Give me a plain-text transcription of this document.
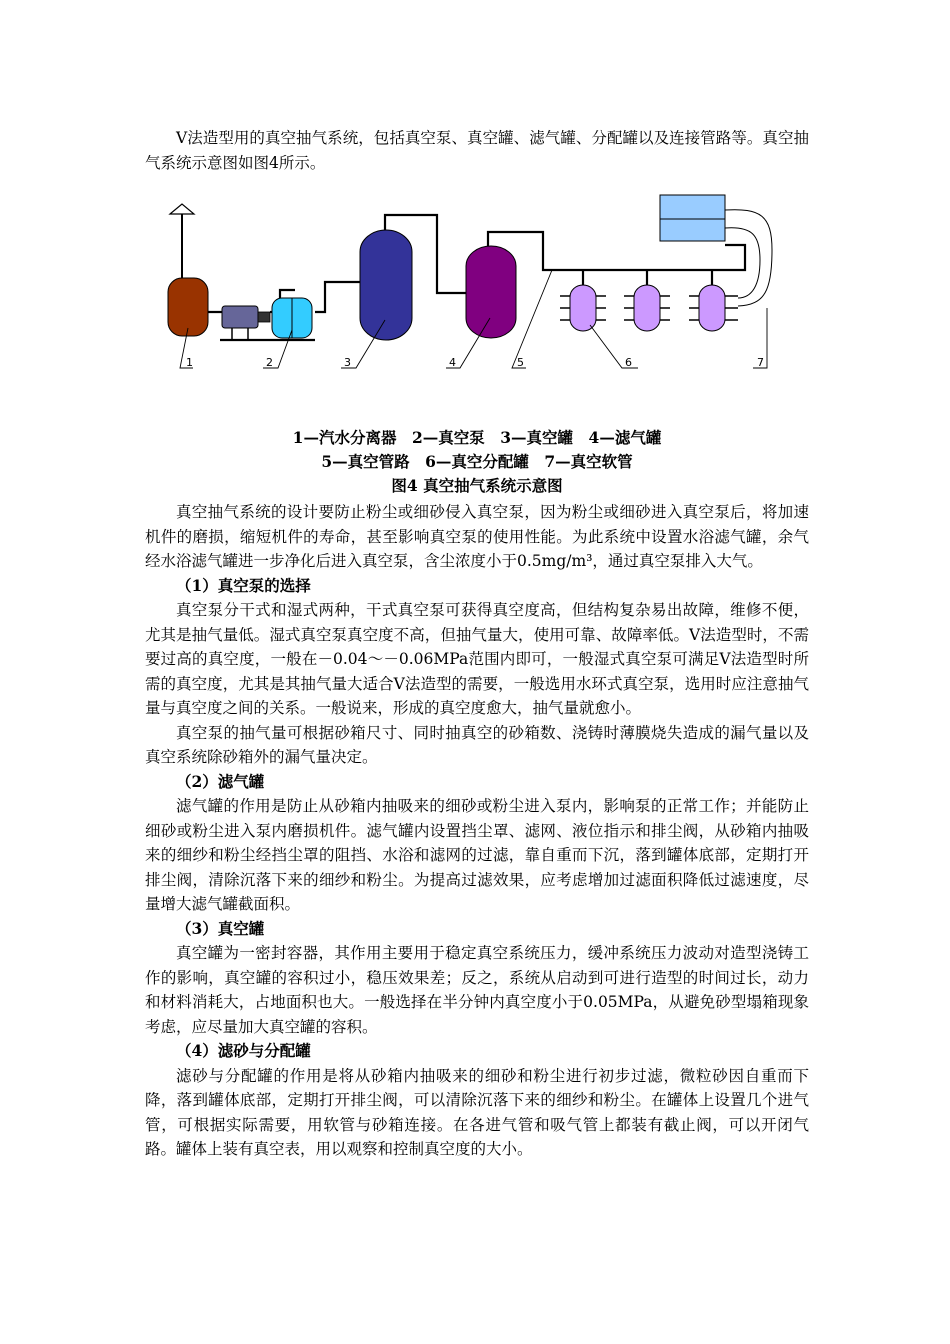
V法造型用的真空抽气系统，包括真空泵、真空罐、滤气罐、分配罐以及连接管路等。真空抽气系统示意图如图4所示。

1	2	3	4	5	6	7
1—汽水分离器　2—真空泵　3—真空罐　4—滤气罐
5—真空管路　6—真空分配罐　7—真空软管
图4 真空抽气系统示意图

真空抽气系统的设计要防止粉尘或细砂侵入真空泵，因为粉尘或细砂进入真空泵后，将加速机件的磨损，缩短机件的寿命，甚至影响真空泵的使用性能。为此系统中设置水浴滤气罐，余气经水浴滤气罐进一步净化后进入真空泵，含尘浓度小于0.5mg/m³，通过真空泵排入大气。

（1）真空泵的选择

真空泵分干式和湿式两种，干式真空泵可获得真空度高，但结构复杂易出故障，维修不便，尤其是抽气量低。湿式真空泵真空度不高，但抽气量大，使用可靠、故障率低。V法造型时，不需要过高的真空度，一般在－0.04～－0.06MPa范围内即可，一般湿式真空泵可满足V法造型时所需的真空度，尤其是其抽气量大适合V法造型的需要，一般选用水环式真空泵，选用时应注意抽气量与真空度之间的关系。一般说来，形成的真空度愈大，抽气量就愈小。

真空泵的抽气量可根据砂箱尺寸、同时抽真空的砂箱数、浇铸时薄膜烧失造成的漏气量以及真空系统除砂箱外的漏气量决定。

（2）滤气罐

滤气罐的作用是防止从砂箱内抽吸来的细砂或粉尘进入泵内，影响泵的正常工作；并能防止细砂或粉尘进入泵内磨损机件。滤气罐内设置挡尘罩、滤网、液位指示和排尘阀，从砂箱内抽吸来的细纱和粉尘经挡尘罩的阻挡、水浴和滤网的过滤，靠自重而下沉，落到罐体底部，定期打开排尘阀，清除沉落下来的细纱和粉尘。为提高过滤效果，应考虑增加过滤面积降低过滤速度，尽量增大滤气罐截面积。

（3）真空罐

真空罐为一密封容器，其作用主要用于稳定真空系统压力，缓冲系统压力波动对造型浇铸工作的影响，真空罐的容积过小，稳压效果差；反之，系统从启动到可进行造型的时间过长，动力和材料消耗大，占地面积也大。一般选择在半分钟内真空度小于0.05MPa，从避免砂型塌箱现象考虑，应尽量加大真空罐的容积。

（4）滤砂与分配罐

滤砂与分配罐的作用是将从砂箱内抽吸来的细砂和粉尘进行初步过滤，微粒砂因自重而下降，落到罐体底部，定期打开排尘阀，可以清除沉落下来的细纱和粉尘。在罐体上设置几个进气管，可根据实际需要，用软管与砂箱连接。在各进气管和吸气管上都装有截止阀，可以开闭气路。罐体上装有真空表，用以观察和控制真空度的大小。
